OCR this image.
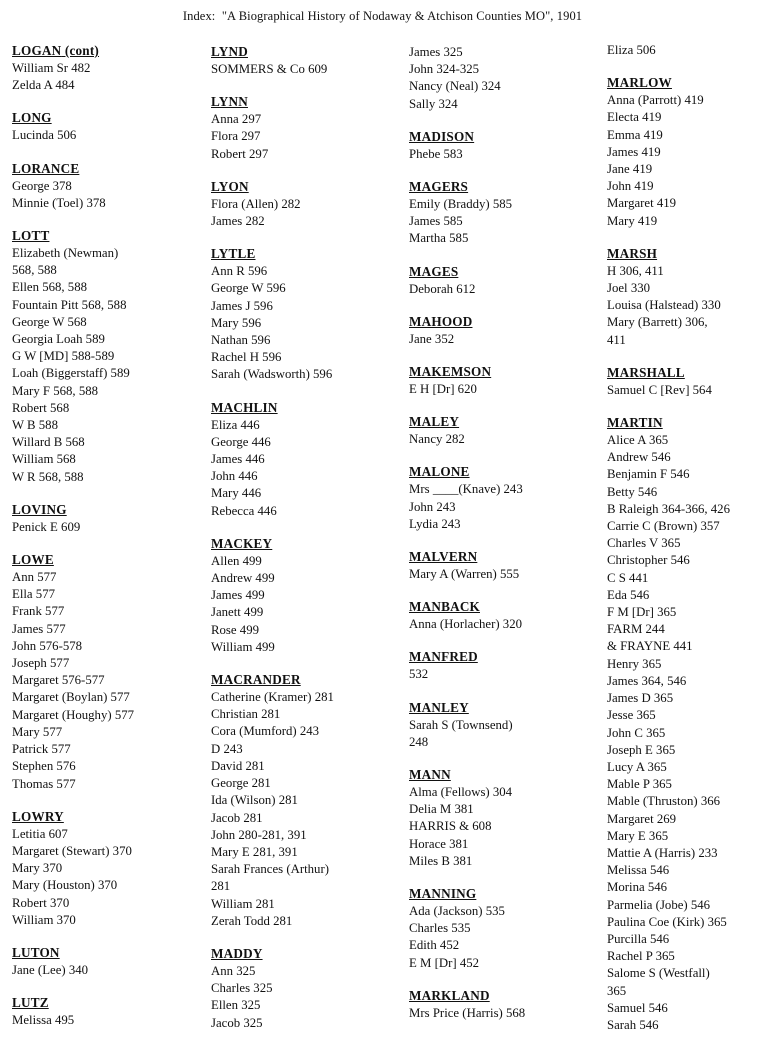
Index:  "A Biographical History of Nodaway & Atchison Counties MO", 1901
LOGAN (cont)
William Sr 482
Zelda A 484
LONG
Lucinda 506
LORANCE
George 378
Minnie (Toel) 378
LOTT
Elizabeth (Newman)
568, 588
Ellen 568, 588
Fountain Pitt 568, 588
George W 568
Georgia Loah 589
G W [MD] 588-589
Loah (Biggerstaff) 589
Mary F 568, 588
Robert 568
W B 588
Willard B 568
William 568
W R 568, 588
LOVING
Penick E 609
LOWE
Ann 577
Ella 577
Frank 577
James 577
John 576-578
Joseph 577
Margaret 576-577
Margaret (Boylan) 577
Margaret (Houghy) 577
Mary 577
Patrick 577
Stephen 576
Thomas 577
LOWRY
Letitia 607
Margaret (Stewart) 370
Mary 370
Mary (Houston) 370
Robert 370
William 370
LUTON
Jane (Lee) 340
LUTZ
Melissa 495
LYND
SOMMERS & Co 609
LYNN
Anna 297
Flora 297
Robert 297
LYON
Flora (Allen) 282
James 282
LYTLE
Ann R 596
George W 596
James J 596
Mary 596
Nathan 596
Rachel H 596
Sarah (Wadsworth) 596
MACHLIN
Eliza 446
George 446
James 446
John 446
Mary 446
Rebecca 446
MACKEY
Allen 499
Andrew 499
James 499
Janett 499
Rose 499
William 499
MACRANDER
Catherine (Kramer) 281
Christian 281
Cora (Mumford) 243
D 243
David 281
George 281
Ida (Wilson) 281
Jacob 281
John 280-281, 391
Mary E 281, 391
Sarah Frances (Arthur)
281
William 281
Zerah Todd 281
MADDY
Ann 325
Charles 325
Ellen 325
Jacob 325
James 325
John 324-325
Nancy (Neal) 324
Sally 324
MADISON
Phebe 583
MAGERS
Emily (Braddy) 585
James 585
Martha 585
MAGES
Deborah 612
MAHOOD
Jane 352
MAKEMSON
E H [Dr] 620
MALEY
Nancy 282
MALONE
Mrs ____(Knave) 243
John 243
Lydia 243
MALVERN
Mary A (Warren) 555
MANBACK
Anna (Horlacher) 320
MANFRED
532
MANLEY
Sarah S (Townsend)
248
MANN
Alma (Fellows) 304
Delia M 381
HARRIS & 608
Horace 381
Miles B 381
MANNING
Ada (Jackson) 535
Charles 535
Edith 452
E M [Dr] 452
MARKLAND
Mrs Price (Harris) 568
Eliza 506
MARLOW
Anna (Parrott) 419
Electa 419
Emma 419
James 419
Jane 419
John 419
Margaret 419
Mary 419
MARSH
H 306, 411
Joel 330
Louisa (Halstead) 330
Mary (Barrett) 306,
411
MARSHALL
Samuel C [Rev] 564
MARTIN
Alice A 365
Andrew 546
Benjamin F 546
Betty 546
B Raleigh 364-366, 426
Carrie C (Brown) 357
Charles V 365
Christopher 546
C S 441
Eda 546
F M [Dr] 365
FARM 244
& FRAYNE 441
Henry 365
James 364, 546
James D 365
Jesse 365
John C 365
Joseph E 365
Lucy A 365
Mable P 365
Mable (Thruston) 366
Margaret 269
Mary E 365
Mattie A (Harris) 233
Melissa 546
Morina 546
Parmelia (Jobe) 546
Paulina Coe (Kirk) 365
Purcilla 546
Rachel P 365
Salome S (Westfall)
365
Samuel 546
Sarah 546
